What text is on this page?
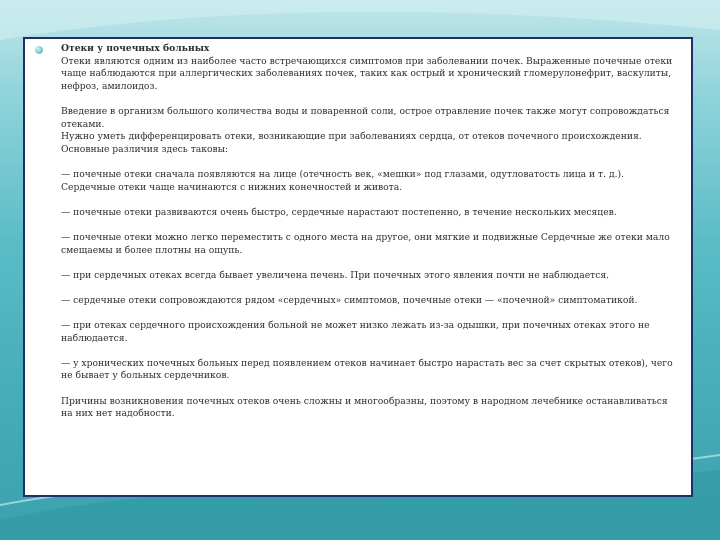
Отеки у почечных больных
Отеки являются одним из наиболее часто встречающихся симптомов при заболевании почек. Выраженные почечные отеки чаще наблюдаются при аллергических заболеваниях почек, таких как острый и хронический гломерулонефрит, васкулиты, нефроз, амилоидоз.
Введение в организм большого количества воды и поваренной соли, острое отравление почек также могут сопровождаться отеками.
Нужно уметь дифференцировать отеки, возникающие при заболеваниях сердца, от отеков почечного происхождения. Основные различия здесь таковы:
— почечные отеки сначала появляются на лице (отечность век, «мешки» под глазами, одутловатость лица и т. д.). Сердечные отеки чаще начинаются с нижних конечностей и живота.
— почечные отеки развиваются очень быстро, сердечные нарастают постепенно, в течение нескольких месяцев.
— почечные отеки можно легко переместить с одного места на другое, они мягкие и подвижные Сердечные же отеки мало смещаемы и более плотны на ощупь.
— при сердечных отеках всегда бывает увеличена печень. При почечных этого явления почти не наблюдается.
— сердечные отеки сопровождаются рядом «сердечных» симптомов, почечные отеки — «почечной» симптоматикой.
— при отеках сердечного происхождения больной не может низко лежать из-за одышки, при почечных отеках этого не наблюдается.
— у хронических почечных больных перед появлением отеков начинает быстро нарастать вес за счет скрытых отеков), чего не бывает у больных сердечников.
Причины возникновения почечных отеков очень сложны и многообразны, поэтому в народном лечебнике останавливаться на них нет надобности.
